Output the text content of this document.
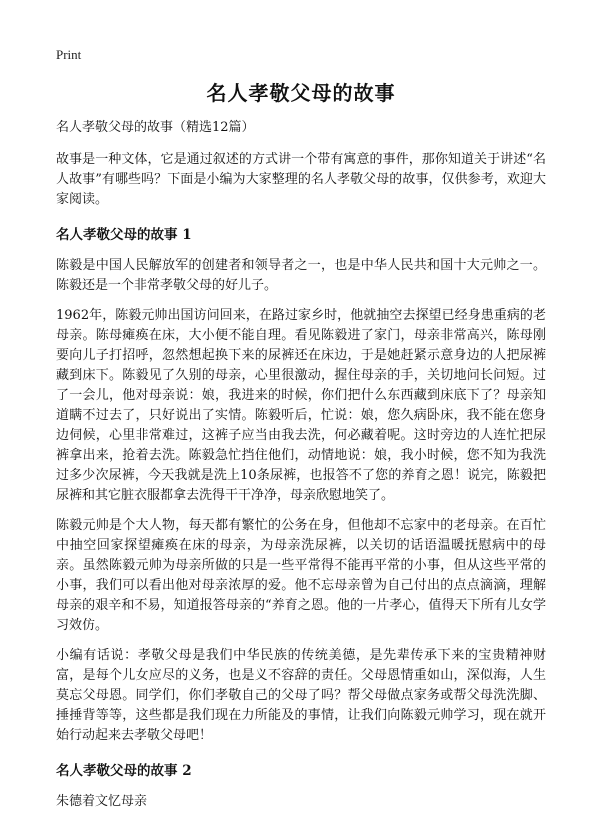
Print
名人孝敬父母的故事
名人孝敬父母的故事（精选12篇）

故事是一种文体，它是通过叙述的方式讲一个带有寓意的事件，那你知道关于讲述“名人故事”有哪些吗？下面是小编为大家整理的名人孝敬父母的故事，仅供参考，欢迎大家阅读。

名人孝敬父母的故事 1

陈毅是中国人民解放军的创建者和领导者之一，也是中华人民共和国十大元帅之一。陈毅还是一个非常孝敬父母的好儿子。

1962年，陈毅元帅出国访问回来，在路过家乡时，他就抽空去探望已经身患重病的老母亲。陈母瘫痪在床，大小便不能自理。看见陈毅进了家门，母亲非常高兴，陈母刚要向儿子打招呼，忽然想起换下来的尿裤还在床边，于是她赶紧示意身边的人把尿裤藏到床下。陈毅见了久别的母亲，心里很激动，握住母亲的手，关切地问长问短。过了一会儿，他对母亲说：娘，我进来的时候，你们把什么东西藏到床底下了？母亲知道瞒不过去了，只好说出了实情。陈毅听后，忙说：娘，您久病卧床，我不能在您身边伺候，心里非常难过，这裤子应当由我去洗，何必藏着呢。这时旁边的人连忙把尿裤拿出来，抢着去洗。陈毅急忙挡住他们，动情地说：娘，我小时候，您不知为我洗过多少次尿裤，今天我就是洗上10条尿裤，也报答不了您的养育之恩！说完，陈毅把尿裤和其它脏衣服都拿去洗得干干净净，母亲欣慰地笑了。

陈毅元帅是个大人物，每天都有繁忙的公务在身，但他却不忘家中的老母亲。在百忙中抽空回家探望瘫痪在床的母亲，为母亲洗尿裤，以关切的话语温暖抚慰病中的母亲。虽然陈毅元帅为母亲所做的只是一些平常得不能再平常的小事，但从这些平常的小事，我们可以看出他对母亲浓厚的爱。他不忘母亲曾为自己付出的点点滴滴，理解母亲的艰辛和不易，知道报答母亲的“养育之恩。他的一片孝心，值得天下所有儿女学习效仿。

小编有话说：孝敬父母是我们中华民族的传统美德，是先辈传承下来的宝贵精神财富，是每个儿女应尽的义务，也是义不容辞的责任。父母恩情重如山，深似海，人生莫忘父母恩。同学们，你们孝敬自己的父母了吗？帮父母做点家务或帮父母洗洗脚、捶捶背等等，这些都是我们现在力所能及的事情，让我们向陈毅元帅学习，现在就开始行动起来去孝敬父母吧！

名人孝敬父母的故事 2

朱德着文忆母亲
